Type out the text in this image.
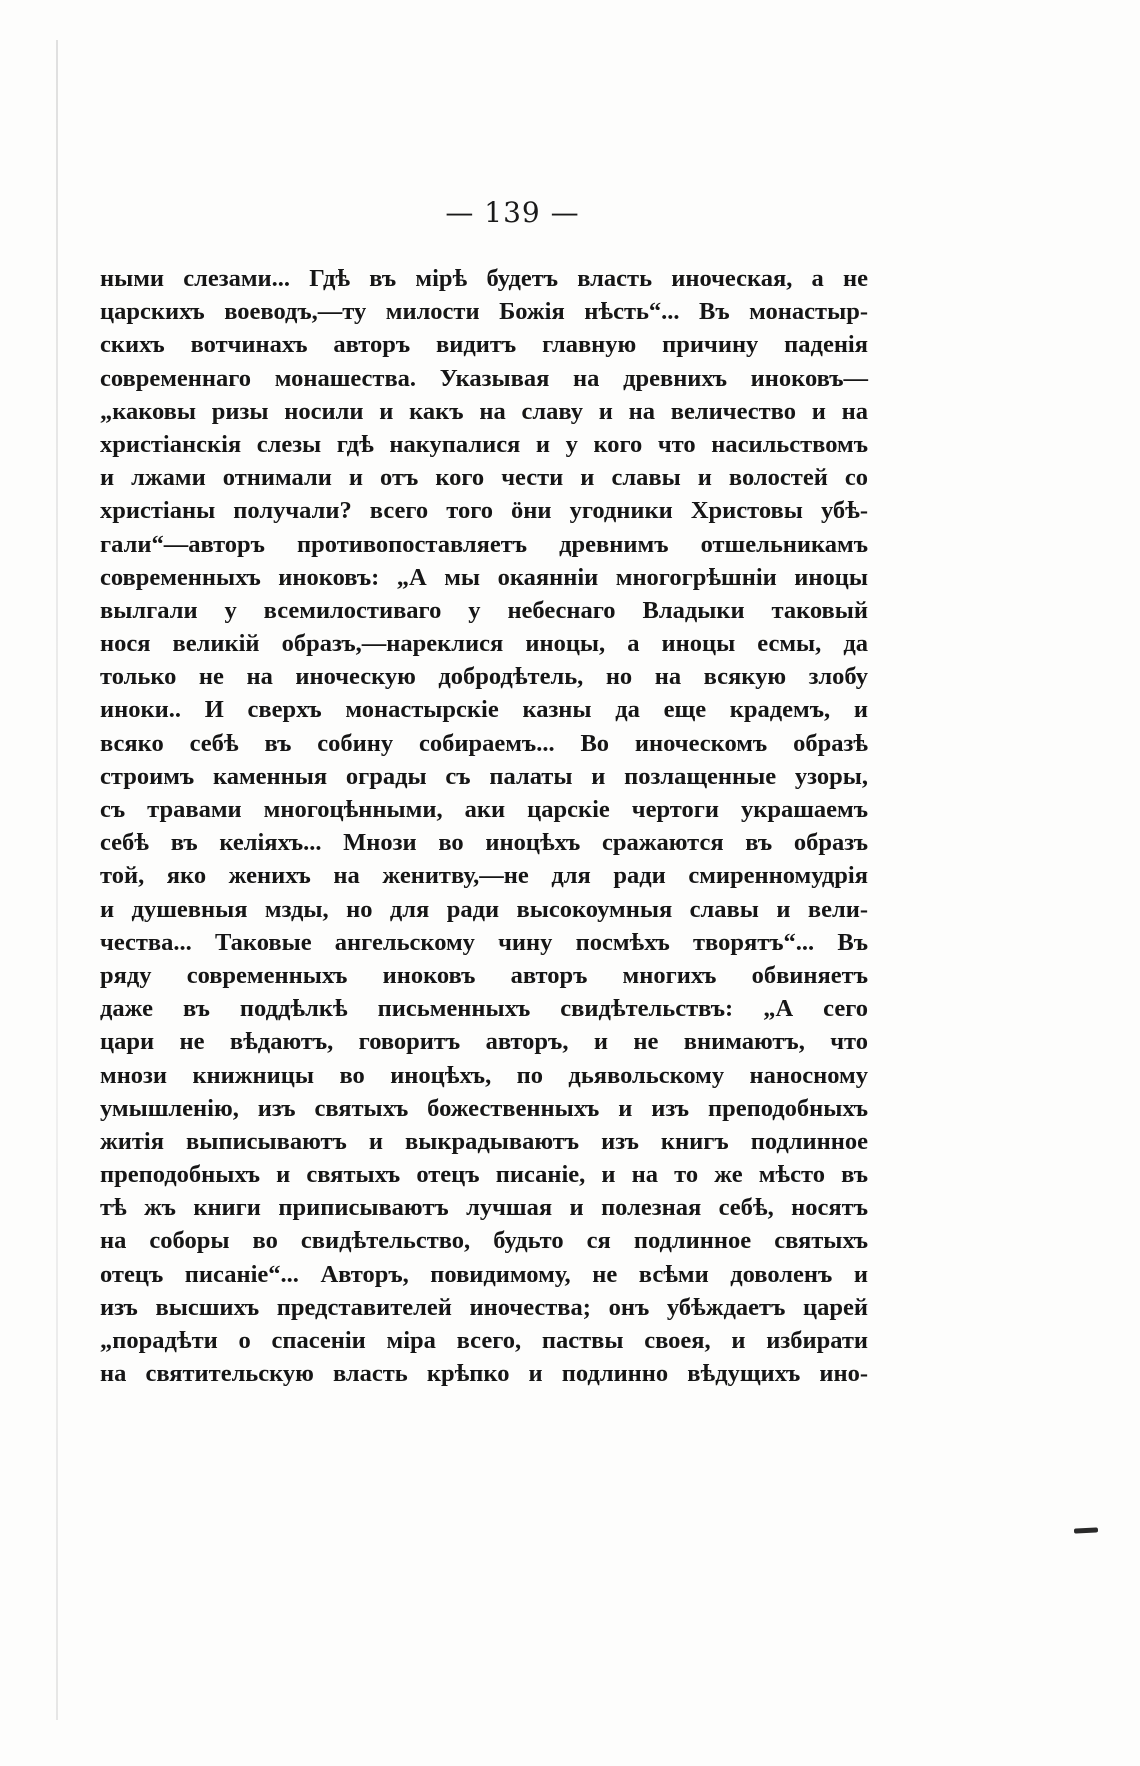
— 139 —
ными слезами... Гдѣ въ мірѣ будетъ власть иноческая, а не
царскихъ воеводъ,—ту милости Божія нѣсть“... Въ монастыр-
скихъ вотчинахъ авторъ видитъ главную причину паденія
современнаго монашества. Указывая на древнихъ иноковъ—
„каковы ризы носили и какъ на славу и на величество и на
христіанскія слезы гдѣ накупалися и у кого что насильствомъ
и лжами отнимали и отъ кого чести и славы и волостей со
христіаны получали? всего того öни угодники Христовы убѣ-
гали“—авторъ противопоставляетъ древнимъ отшельникамъ
современныхъ иноковъ: „А мы окаяннiи многогрѣшнiи иноцы
вылгали у всемилостиваго у небеснаго Владыки таковый
нося великій образъ,—нареклися иноцы, а иноцы есмы, да
только не на иноческую добродѣтель, но на всякую злобу
иноки.. И сверхъ монастырскіе казны да еще крадемъ, и
всяко себѣ въ собину собираемъ... Во иноческомъ образѣ
строимъ каменныя ограды съ палаты и позлащенные узоры,
съ травами многоцѣнными, аки царскіе чертоги украшаемъ
себѣ въ келіяхъ... Мнози во иноцѣхъ сражаются въ образъ
той, яко женихъ на женитву,—не для ради смиренномудрія
и душевныя мзды, но для ради высокоумныя славы и вели-
чества... Таковые ангельскому чину посмѣхъ творятъ“... Въ
ряду современныхъ иноковъ авторъ многихъ обвиняетъ
даже въ поддѣлкѣ письменныхъ свидѣтельствъ: „А сего
цари не вѣдаютъ, говоритъ авторъ, и не внимаютъ, что
мнози книжницы во иноцѣхъ, по дьявольскому наносному
умышленію, изъ святыхъ божественныхъ и изъ преподобныхъ
житія выписываютъ и выкрадываютъ изъ книгъ подлинное
преподобныхъ и святыхъ отецъ писаніе, и на то же мѣсто въ
тѣ жъ книги приписываютъ лучшая и полезная себѣ, носятъ
на соборы во свидѣтельство, будьто ся подлинное святыхъ
отецъ писаніе“... Авторъ, повидимому, не всѣми доволенъ и
изъ высшихъ представителей иночества; онъ убѣждаетъ царей
„порадѣти о спасеніи міра всего, паствы своея, и избирати
на святительскую власть крѣпко и подлинно вѣдущихъ ино-
